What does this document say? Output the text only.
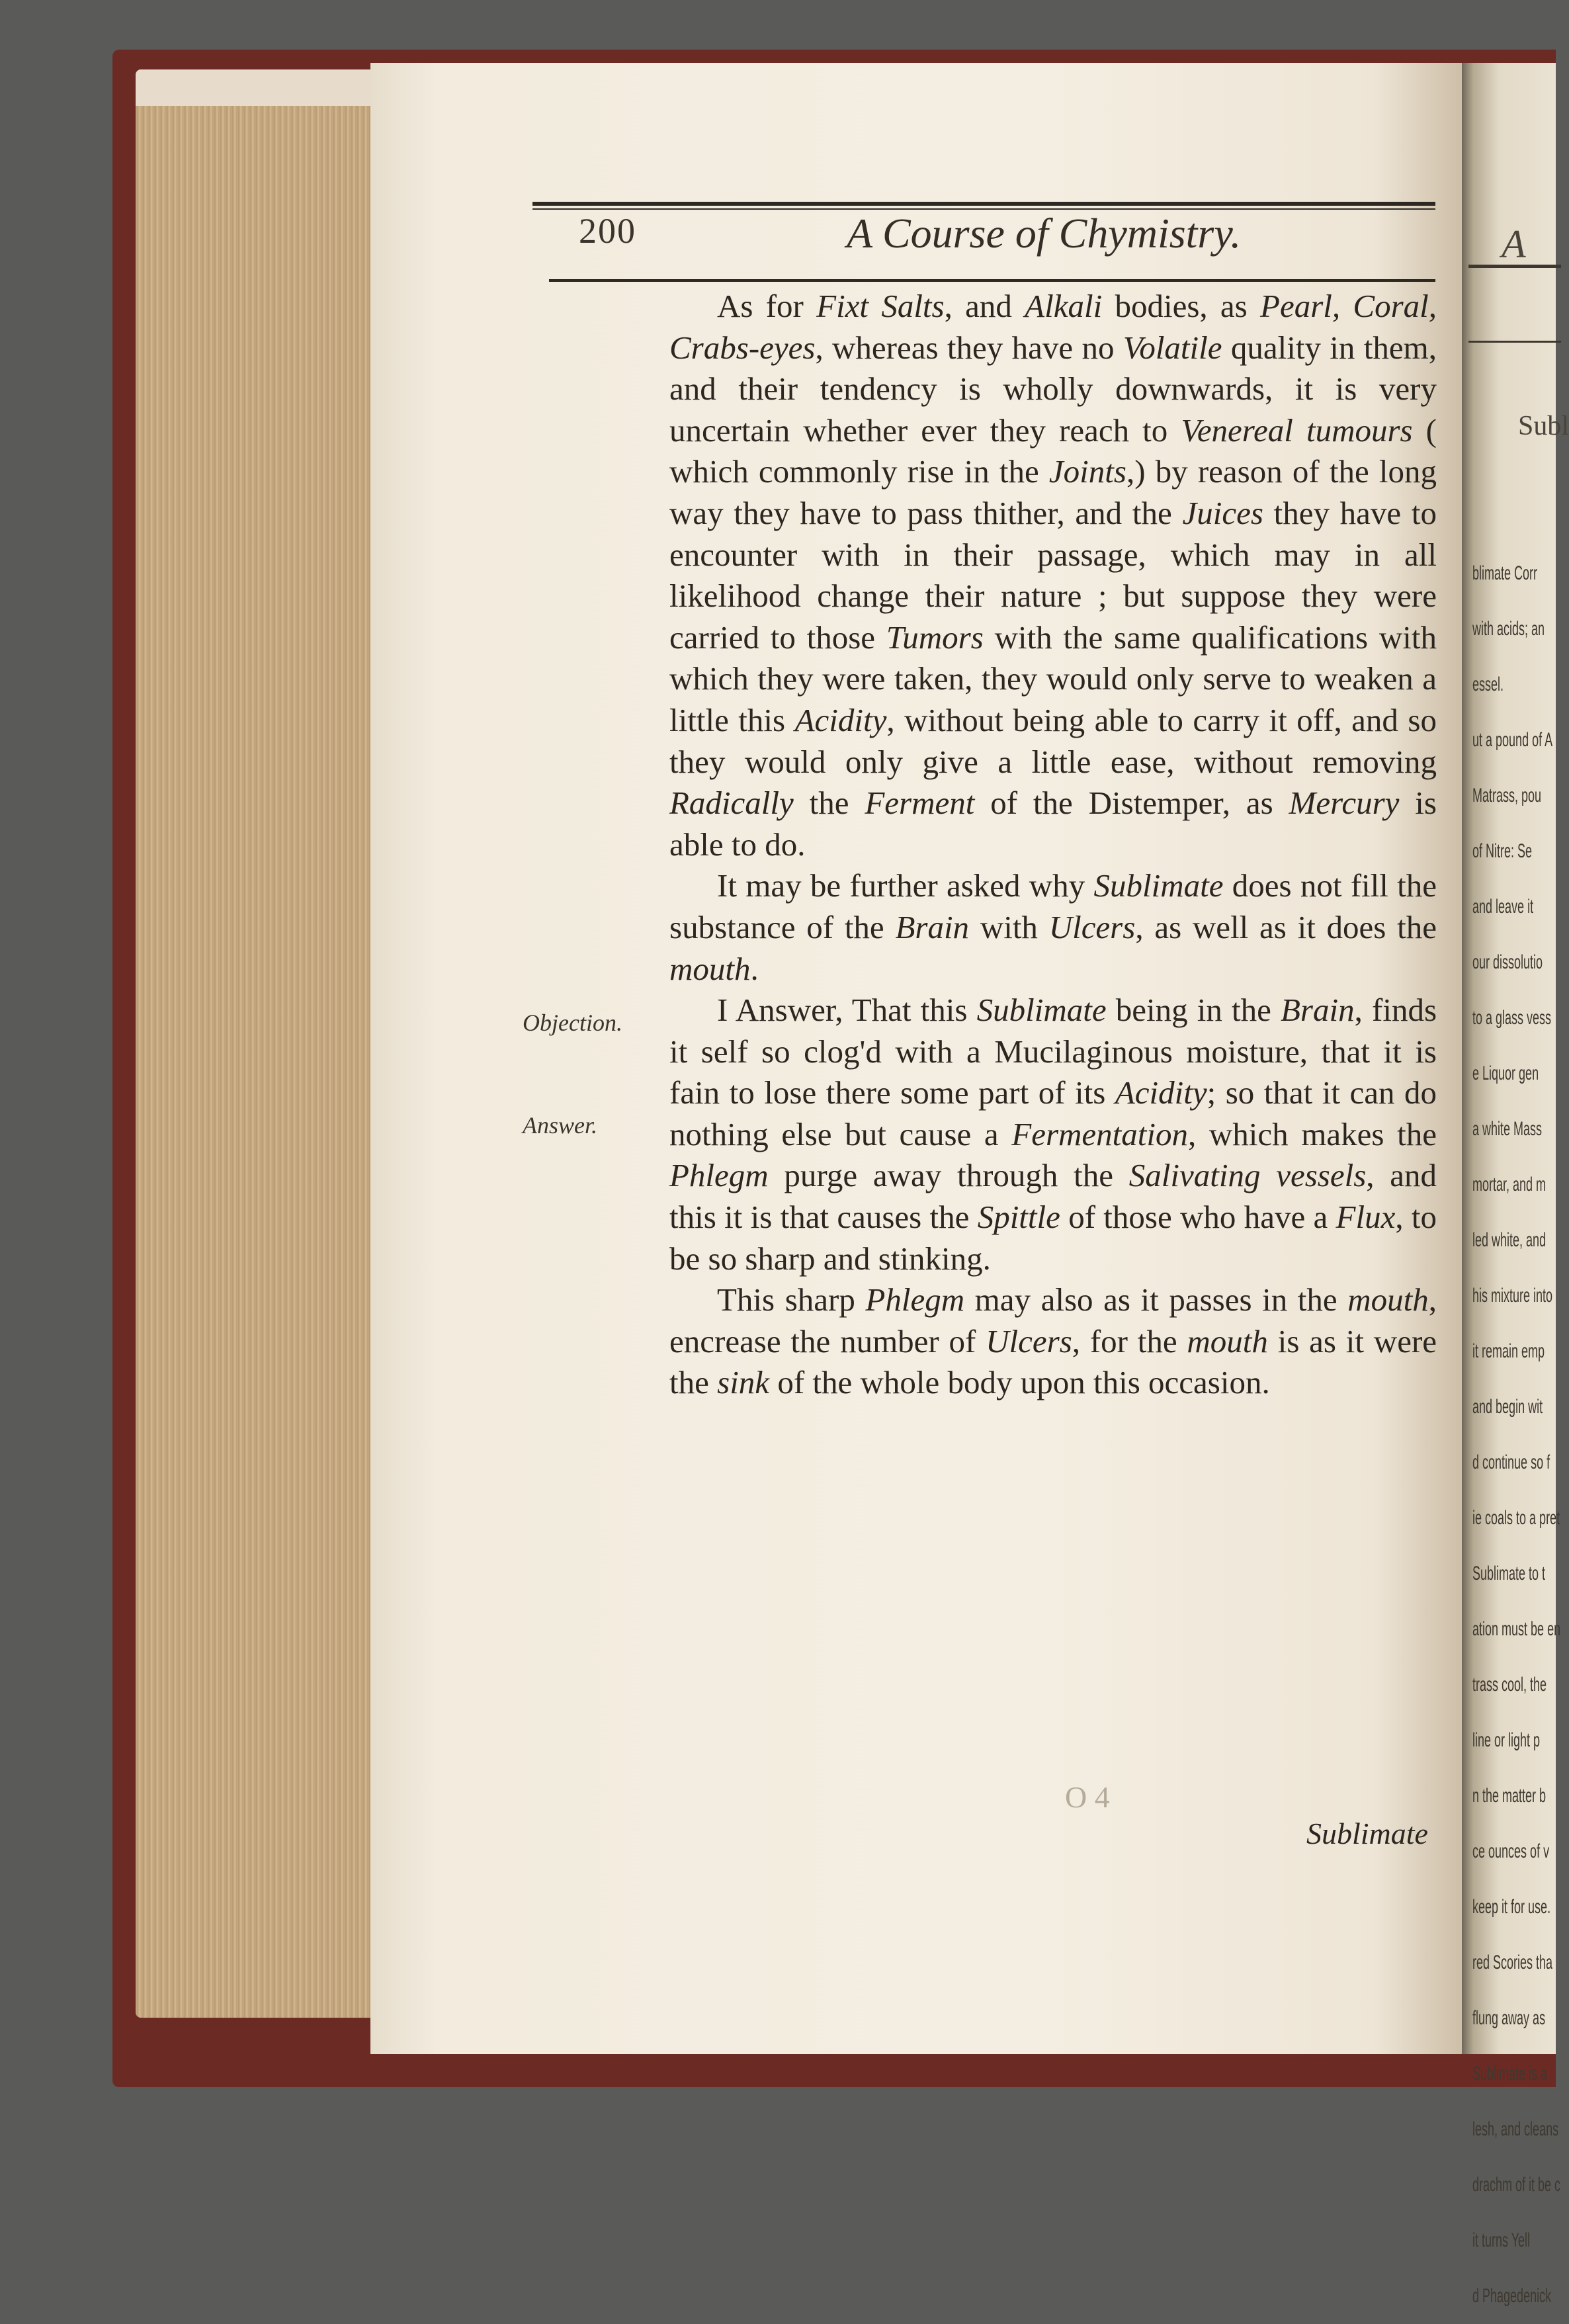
A
Subl
blimate Corr
with acids; an
essel.
ut a pound of A
Matrass, pou
of Nitre: Se
and leave it
our dissolutio
to a glass vess
e Liquor gen
a white Mass
mortar, and m
led white, and
his mixture into
it remain emp
and begin wit
d continue so f
ie coals to a pret
Sublimate to t
ation must be en
trass cool, the
line or light p
n the matter b
ce ounces of v
keep it for use.
red Scories tha
flung away as
Sublimate is a
lesh, and cleans
drachm of it be c
it turns Yell
d Phagedenick
200	A Course of Chymistry.
Objection.
Answer.

As for Fixt Salts, and Alkali bodies, as Pearl, Coral, Crabs-eyes, whereas they have no Volatile quality in them, and their tendency is wholly downwards, it is very uncertain whether ever they reach to Venereal tumours ( which commonly rise in the Joints,) by reason of the long way they have to pass thither, and the Juices they have to encounter with in their passage, which may in all likelihood change their nature ; but suppose they were carried to those Tumors with the same qualifications with which they were taken, they would only serve to weaken a little this Acidity, without being able to carry it off, and so they would only give a little ease, without removing Radically the Ferment of the Distemper, as Mercury is able to do.

It may be further asked why Sublimate does not fill the substance of the Brain with Ulcers, as well as it does the mouth.

I Answer, That this Sublimate being in the Brain, finds it self so clog'd with a Mucilaginous moisture, that it is fain to lose there some part of its Acidity; so that it can do nothing else but cause a Fermentation, which makes the Phlegm purge away through the Salivating vessels, and this it is that causes the Spittle of those who have a Flux, to be so sharp and stinking.

This sharp Phlegm may also as it passes in the mouth, encrease the number of Ulcers, for the mouth is as it were the sink of the whole body upon this occasion.

O 4
Sublimate
